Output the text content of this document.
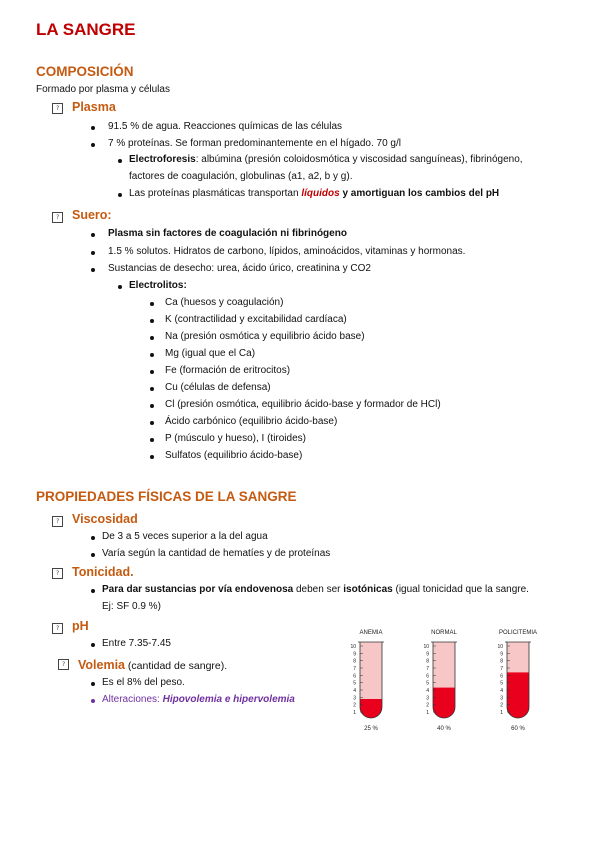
LA SANGRE
COMPOSICIÓN
Formado por plasma y células
? Plasma
91.5 % de agua. Reacciones químicas de las células
7 % proteínas. Se forman predominantemente en el hígado. 70 g/l
Electroforesis: albúmina (presión coloidosmótica y viscosidad sanguíneas), fibrinógeno,
factores de coagulación, globulinas (a1, a2, b y g).
Las proteínas plasmáticas transportan líquidos y amortiguan los cambios del pH
? Suero:
Plasma sin factores de coagulación ni fibrinógeno
1.5 % solutos. Hidratos de carbono, lípidos, aminoácidos, vitaminas y hormonas.
Sustancias de desecho: urea, ácido úrico, creatinina y CO2
Electrolitos:
Ca (huesos y coagulación)
K (contractilidad y excitabilidad cardíaca)
Na (presión osmótica y equilibrio ácido base)
Mg (igual que el Ca)
Fe (formación de eritrocitos)
Cu (células de defensa)
Cl (presión osmótica, equilibrio ácido-base y formador de HCl)
Ácido carbónico (equilibrio ácido-base)
P (músculo y hueso), I (tiroides)
Sulfatos (equilibrio ácido-base)
PROPIEDADES FÍSICAS DE LA SANGRE
? Viscosidad
De 3 a 5 veces superior a la del agua
Varía según la cantidad de hematíes y de proteínas
? Tonicidad.
Para dar sustancias por vía endovenosa deben ser isotónicas (igual tonicidad que la sangre.
Ej: SF 0.9 %)
? pH
Entre 7.35-7.45
? Volemia (cantidad de sangre).
Es el 8% del peso.
Alteraciones: Hipovolemia e hipervolemia
ANEMIA
10
9
8
7
6
5
4
3
2
1
25 %
NORMAL
10
9
8
7
6
5
4
3
2
1
40 %
POLICITEMIA
10
9
8
7
6
5
4
3
2
1
60 %
